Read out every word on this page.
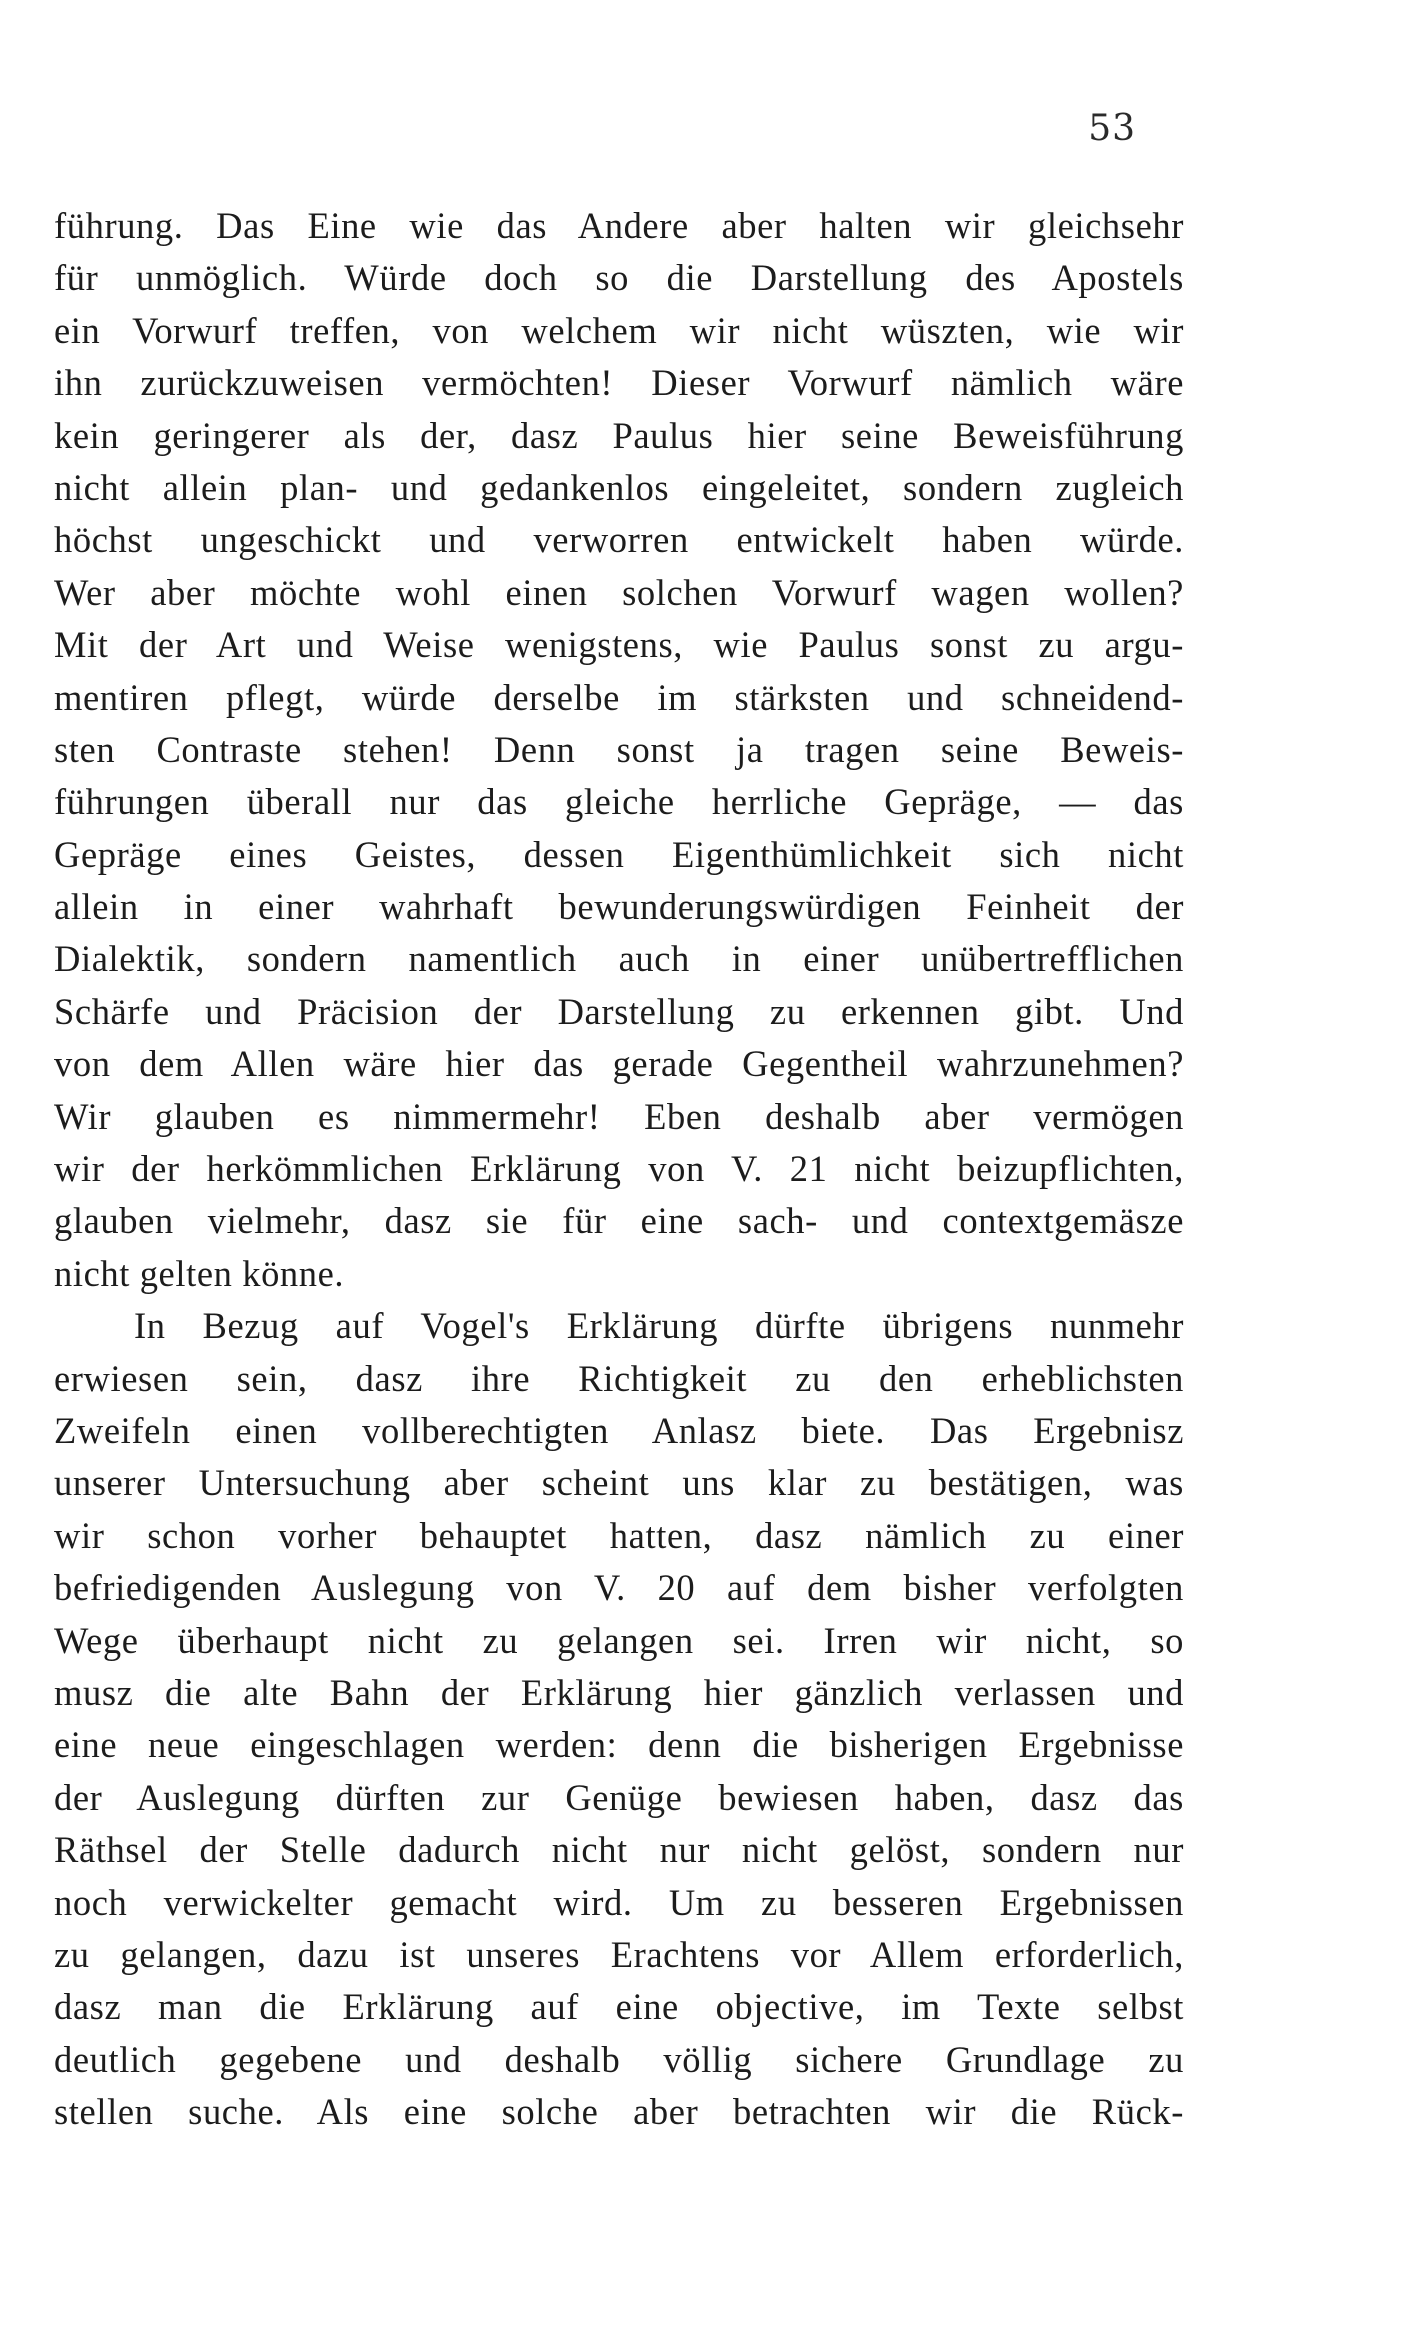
53
führung. Das Eine wie das Andere aber halten wir gleichsehr
für unmöglich. Würde doch so die Darstellung des Apostels
ein Vorwurf treffen, von welchem wir nicht wüszten, wie wir
ihn zurückzuweisen vermöchten! Dieser Vorwurf nämlich wäre
kein geringerer als der, dasz Paulus hier seine Beweisführung
nicht allein plan- und gedankenlos eingeleitet, sondern zugleich
höchst ungeschickt und verworren entwickelt haben würde.
Wer aber möchte wohl einen solchen Vorwurf wagen wollen?
Mit der Art und Weise wenigstens, wie Paulus sonst zu argu-
mentiren pflegt, würde derselbe im stärksten und schneidend-
sten Contraste stehen! Denn sonst ja tragen seine Beweis-
führungen überall nur das gleiche herrliche Gepräge, — das
Gepräge eines Geistes, dessen Eigenthümlichkeit sich nicht
allein in einer wahrhaft bewunderungswürdigen Feinheit der
Dialektik, sondern namentlich auch in einer unübertrefflichen
Schärfe und Präcision der Darstellung zu erkennen gibt. Und
von dem Allen wäre hier das gerade Gegentheil wahrzunehmen?
Wir glauben es nimmermehr! Eben deshalb aber vermögen
wir der herkömmlichen Erklärung von V. 21 nicht beizupflichten,
glauben vielmehr, dasz sie für eine sach- und contextgemäsze
nicht gelten könne.
In Bezug auf Vogel's Erklärung dürfte übrigens nunmehr
erwiesen sein, dasz ihre Richtigkeit zu den erheblichsten
Zweifeln einen vollberechtigten Anlasz biete. Das Ergebnisz
unserer Untersuchung aber scheint uns klar zu bestätigen, was
wir schon vorher behauptet hatten, dasz nämlich zu einer
befriedigenden Auslegung von V. 20 auf dem bisher verfolgten
Wege überhaupt nicht zu gelangen sei. Irren wir nicht, so
musz die alte Bahn der Erklärung hier gänzlich verlassen und
eine neue eingeschlagen werden: denn die bisherigen Ergebnisse
der Auslegung dürften zur Genüge bewiesen haben, dasz das
Räthsel der Stelle dadurch nicht nur nicht gelöst, sondern nur
noch verwickelter gemacht wird. Um zu besseren Ergebnissen
zu gelangen, dazu ist unseres Erachtens vor Allem erforderlich,
dasz man die Erklärung auf eine objective, im Texte selbst
deutlich gegebene und deshalb völlig sichere Grundlage zu
stellen suche. Als eine solche aber betrachten wir die Rück-
